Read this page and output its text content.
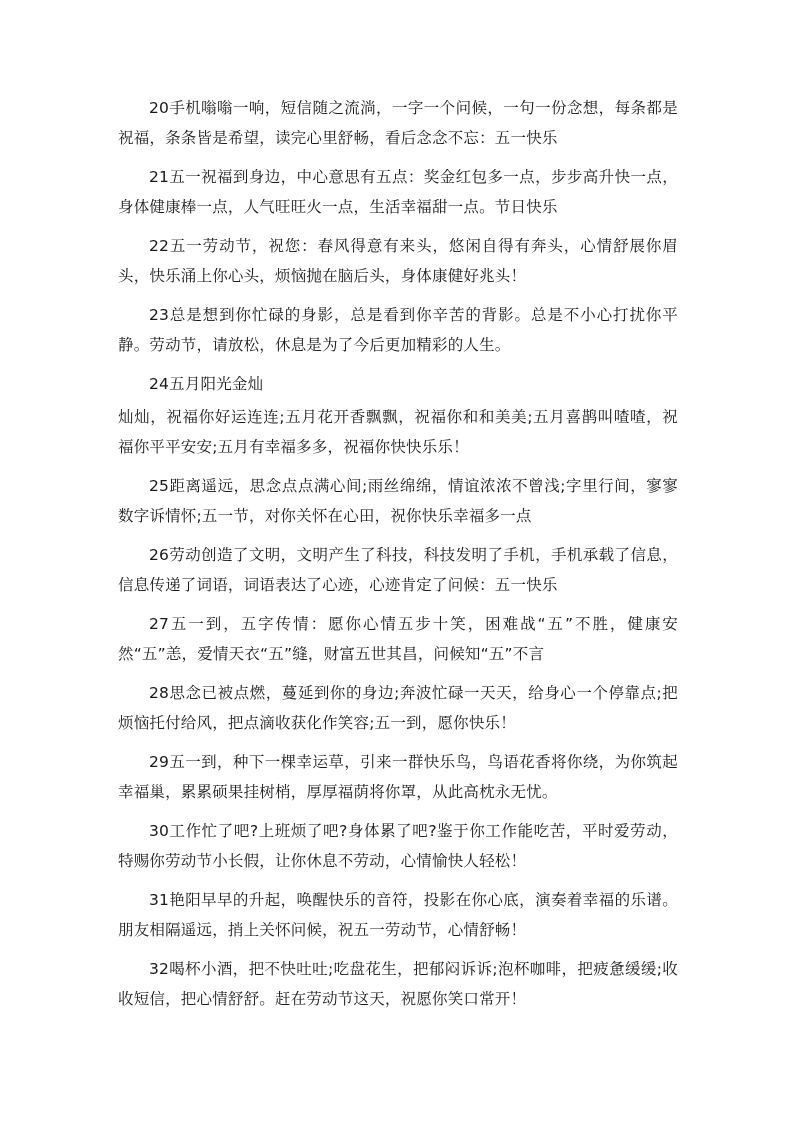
20手机嗡嗡一响，短信随之流淌，一字一个问候，一句一份念想，每条都是祝福，条条皆是希望，读完心里舒畅，看后念念不忘：五一快乐

21五一祝福到身边，中心意思有五点：奖金红包多一点，步步高升快一点，身体健康棒一点，人气旺旺火一点，生活幸福甜一点。节日快乐

22五一劳动节，祝您：春风得意有来头，悠闲自得有奔头，心情舒展你眉头，快乐涌上你心头，烦恼抛在脑后头，身体康健好兆头！

23总是想到你忙碌的身影，总是看到你辛苦的背影。总是不小心打扰你平静。劳动节，请放松，休息是为了今后更加精彩的人生。

24五月阳光金灿

灿灿，祝福你好运连连;五月花开香飘飘，祝福你和和美美;五月喜鹊叫喳喳，祝福你平平安安;五月有幸福多多，祝福你快快乐乐！

25距离遥远，思念点点满心间;雨丝绵绵，情谊浓浓不曾浅;字里行间，寥寥数字诉情怀;五一节，对你关怀在心田，祝你快乐幸福多一点

26劳动创造了文明，文明产生了科技，科技发明了手机，手机承载了信息，信息传递了词语，词语表达了心迹，心迹肯定了问候：五一快乐

27五一到，五字传情：愿你心情五步十笑，困难战“五”不胜，健康安然“五”恙，爱情天衣“五”缝，财富五世其昌，问候知“五”不言

28思念已被点燃，蔓延到你的身边;奔波忙碌一天天，给身心一个停靠点;把烦恼托付给风，把点滴收获化作笑容;五一到，愿你快乐！

29五一到，种下一棵幸运草，引来一群快乐鸟，鸟语花香将你绕，为你筑起幸福巢，累累硕果挂树梢，厚厚福荫将你罩，从此高枕永无忧。

30工作忙了吧?上班烦了吧?身体累了吧?鉴于你工作能吃苦，平时爱劳动，特赐你劳动节小长假，让你休息不劳动，心情愉快人轻松！

31艳阳早早的升起，唤醒快乐的音符，投影在你心底，演奏着幸福的乐谱。朋友相隔遥远，捎上关怀问候，祝五一劳动节，心情舒畅！

32喝杯小酒，把不快吐吐;吃盘花生，把郁闷诉诉;泡杯咖啡，把疲惫缓缓;收收短信，把心情舒舒。赶在劳动节这天，祝愿你笑口常开！
